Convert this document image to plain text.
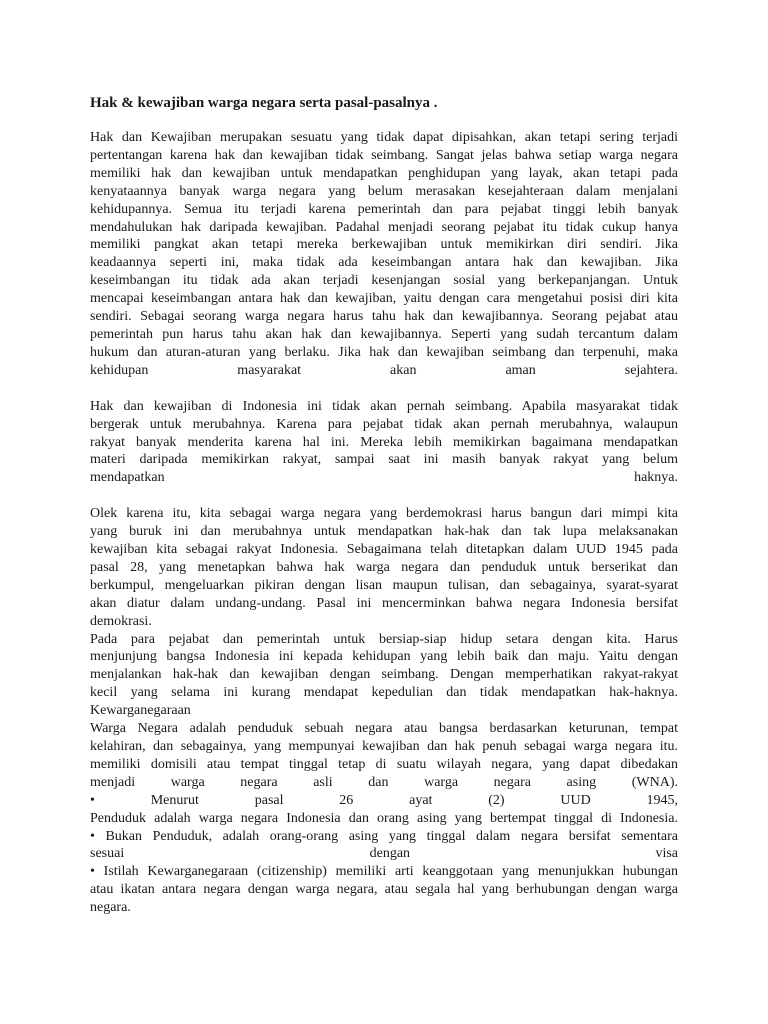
Hak & kewajiban warga negara serta pasal-pasalnya .
Hak dan Kewajiban merupakan sesuatu yang tidak dapat dipisahkan, akan tetapi sering terjadi
pertentangan karena hak dan kewajiban tidak seimbang. Sangat jelas bahwa setiap warga negara
memiliki hak dan kewajiban untuk mendapatkan penghidupan yang layak, akan tetapi pada
kenyataannya banyak warga negara yang belum merasakan kesejahteraan dalam menjalani
kehidupannya. Semua itu terjadi karena pemerintah dan para pejabat tinggi lebih banyak
mendahulukan hak daripada kewajiban. Padahal menjadi seorang pejabat itu tidak cukup hanya
memiliki pangkat akan tetapi mereka berkewajiban untuk memikirkan diri sendiri. Jika
keadaannya seperti ini, maka tidak ada keseimbangan antara hak dan kewajiban. Jika
keseimbangan itu tidak ada akan terjadi kesenjangan sosial yang berkepanjangan. Untuk
mencapai keseimbangan antara hak dan kewajiban, yaitu dengan cara mengetahui posisi diri kita
sendiri. Sebagai seorang warga negara harus tahu hak dan kewajibannya. Seorang pejabat atau
pemerintah pun harus tahu akan hak dan kewajibannya. Seperti yang sudah tercantum dalam
hukum dan aturan-aturan yang berlaku. Jika hak dan kewajiban seimbang dan terpenuhi, maka
kehidupan masyarakat akan aman sejahtera.
Hak dan kewajiban di Indonesia ini tidak akan pernah seimbang. Apabila masyarakat tidak
bergerak untuk merubahnya. Karena para pejabat tidak akan pernah merubahnya, walaupun
rakyat banyak menderita karena hal ini. Mereka lebih memikirkan bagaimana mendapatkan
materi daripada memikirkan rakyat, sampai saat ini masih banyak rakyat yang belum
mendapatkan haknya.
Olek karena itu, kita sebagai warga negara yang berdemokrasi harus bangun dari mimpi kita
yang buruk ini dan merubahnya untuk mendapatkan hak-hak dan tak lupa melaksanakan
kewajiban kita sebagai rakyat Indonesia. Sebagaimana telah ditetapkan dalam UUD 1945 pada
pasal 28, yang menetapkan bahwa hak warga negara dan penduduk untuk berserikat dan
berkumpul, mengeluarkan pikiran dengan lisan maupun tulisan, dan sebagainya, syarat-syarat
akan diatur dalam undang-undang. Pasal ini mencerminkan bahwa negara Indonesia bersifat
demokrasi.
Pada para pejabat dan pemerintah untuk bersiap-siap hidup setara dengan kita. Harus
menjunjung bangsa Indonesia ini kepada kehidupan yang lebih baik dan maju. Yaitu dengan
menjalankan hak-hak dan kewajiban dengan seimbang. Dengan memperhatikan rakyat-rakyat
kecil yang selama ini kurang mendapat kepedulian dan tidak mendapatkan hak-haknya.
Kewarganegaraan
Warga Negara adalah penduduk sebuah negara atau bangsa berdasarkan keturunan, tempat
kelahiran, dan sebagainya, yang mempunyai kewajiban dan hak penuh sebagai warga negara itu.
memiliki domisili atau tempat tinggal tetap di suatu wilayah negara, yang dapat dibedakan
menjadi warga negara asli dan warga negara asing (WNA).
• Menurut pasal 26 ayat (2) UUD 1945,
Penduduk adalah warga negara Indonesia dan orang asing yang bertempat tinggal di Indonesia.
• Bukan Penduduk, adalah orang-orang asing yang tinggal dalam negara bersifat sementara
sesuai dengan visa
• Istilah Kewarganegaraan (citizenship) memiliki arti keanggotaan yang menunjukkan hubungan
atau ikatan antara negara dengan warga negara, atau segala hal yang berhubungan dengan warga
negara.
